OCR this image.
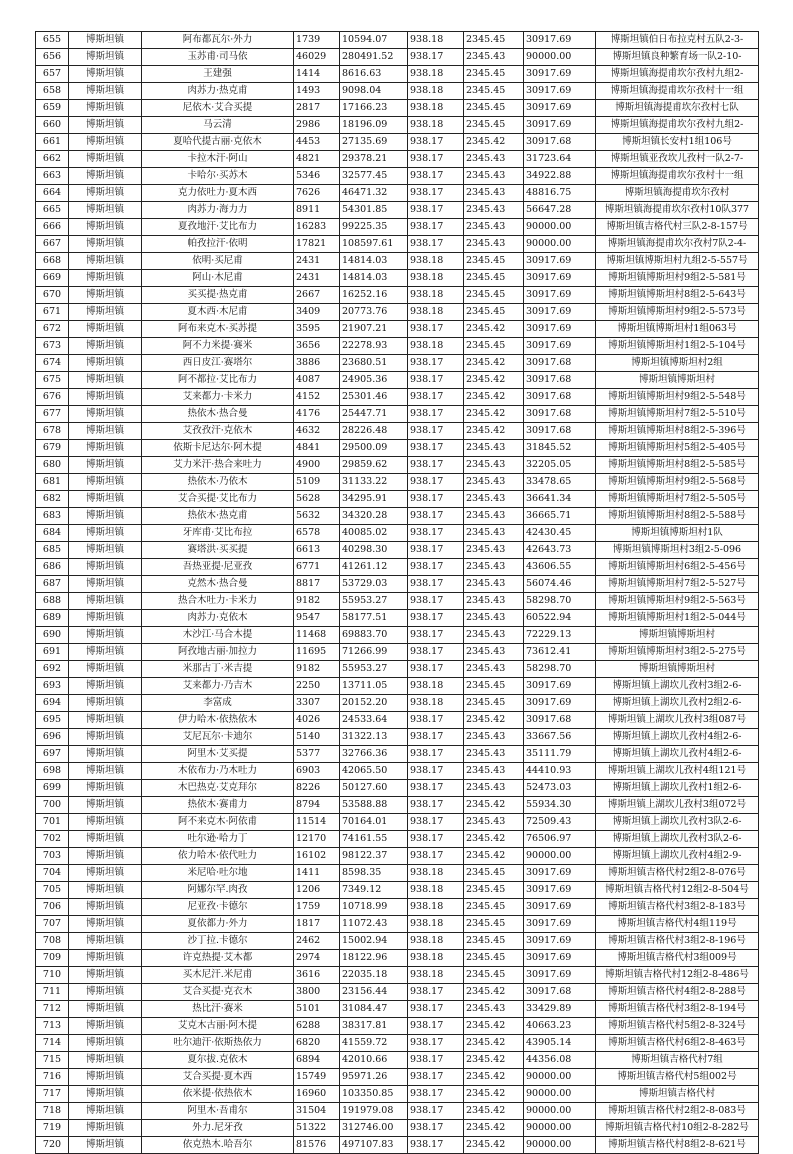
655	博斯坦镇	阿布都瓦尔·外力	1739	10594.07	938.18	2345.45	30917.69	博斯坦镇伯日布拉克村五队2-3-
656	博斯坦镇	玉苏甫·司马依	46029	280491.52	938.17	2345.43	90000.00	博斯坦镇良种繁育场一队2-10-
657	博斯坦镇	王建强	1414	8616.63	938.18	2345.45	30917.69	博斯坦镇海提甫坎尔孜村九组2-
658	博斯坦镇	肉苏力·热克甫	1493	9098.04	938.18	2345.45	30917.69	博斯坦镇海提甫坎尔孜村十一组
659	博斯坦镇	尼依木·艾合买提	2817	17166.23	938.18	2345.45	30917.69	博斯坦镇海提甫坎尔孜村七队
660	博斯坦镇	马云清	2986	18196.09	938.18	2345.45	30917.69	博斯坦镇海提甫坎尔孜村九组2-
661	博斯坦镇	夏哈代提古丽·克依木	4453	27135.69	938.17	2345.42	30917.68	博斯坦镇长安村1组106号
662	博斯坦镇	卡拉木汗·阿山	4821	29378.21	938.17	2345.43	31723.64	博斯坦镇亚孜坎儿孜村一队2-7-
663	博斯坦镇	卡哈尔·买苏木	5346	32577.45	938.17	2345.43	34922.88	博斯坦镇海提甫坎尔孜村十一组
664	博斯坦镇	克力依吐力·夏木西	7626	46471.32	938.17	2345.43	48816.75	博斯坦镇海提甫坎尔孜村
665	博斯坦镇	肉苏力·海力力	8911	54301.85	938.17	2345.43	56647.28	博斯坦镇海提甫坎尔孜村10队377
666	博斯坦镇	夏孜地汗·艾比布力	16283	99225.35	938.17	2345.43	90000.00	博斯坦镇吉格代村三队2-8-157号
667	博斯坦镇	帕孜拉汗·依明	17821	108597.61	938.17	2345.43	90000.00	博斯坦镇海提甫坎尔孜村7队2-4-
668	博斯坦镇	依明·买尼甫	2431	14814.03	938.18	2345.45	30917.69	博斯坦镇博斯坦村九组2-5-557号
669	博斯坦镇	阿山·木尼甫	2431	14814.03	938.18	2345.45	30917.69	博斯坦镇博斯坦村9组2-5-581号
670	博斯坦镇	买买提·热克甫	2667	16252.16	938.18	2345.45	30917.69	博斯坦镇博斯坦村8组2-5-643号
671	博斯坦镇	夏木西·木尼甫	3409	20773.76	938.18	2345.45	30917.69	博斯坦镇博斯坦村9组2-5-573号
672	博斯坦镇	阿布来克木·买苏提	3595	21907.21	938.17	2345.42	30917.69	博斯坦镇博斯坦村1组063号
673	博斯坦镇	阿不力米提·赛米	3656	22278.93	938.18	2345.45	30917.69	博斯坦镇博斯坦村1组2-5-104号
674	博斯坦镇	西日皮江·赛塔尔	3886	23680.51	938.17	2345.42	30917.68	博斯坦镇博斯坦村2组
675	博斯坦镇	阿不都拉·艾比布力	4087	24905.36	938.17	2345.42	30917.68	博斯坦镇博斯坦村
676	博斯坦镇	艾来都力·卡米力	4152	25301.46	938.17	2345.42	30917.68	博斯坦镇博斯坦村9组2-5-548号
677	博斯坦镇	热依木·热合曼	4176	25447.71	938.17	2345.42	30917.68	博斯坦镇博斯坦村7组2-5-510号
678	博斯坦镇	艾孜孜汗·克依木	4632	28226.48	938.17	2345.42	30917.68	博斯坦镇博斯坦村8组2-5-396号
679	博斯坦镇	依斯卡尼达尔·阿木提	4841	29500.09	938.17	2345.43	31845.52	博斯坦镇博斯坦村5组2-5-405号
680	博斯坦镇	艾力米汗·热合来吐力	4900	29859.62	938.17	2345.43	32205.05	博斯坦镇博斯坦村8组2-5-585号
681	博斯坦镇	热依木·乃依木	5109	31133.22	938.17	2345.43	33478.65	博斯坦镇博斯坦村9组2-5-568号
682	博斯坦镇	艾合买提·艾比布力	5628	34295.91	938.17	2345.43	36641.34	博斯坦镇博斯坦村7组2-5-505号
683	博斯坦镇	热依木·热克甫	5632	34320.28	938.17	2345.43	36665.71	博斯坦镇博斯坦村8组2-5-588号
684	博斯坦镇	牙库甫·艾比布拉	6578	40085.02	938.17	2345.43	42430.45	博斯坦镇博斯坦村1队
685	博斯坦镇	赛塔洪·买买提	6613	40298.30	938.17	2345.43	42643.73	博斯坦镇博斯坦村3组2-5-096
686	博斯坦镇	吾热亚提·尼亚孜	6771	41261.12	938.17	2345.43	43606.55	博斯坦镇博斯坦村6组2-5-456号
687	博斯坦镇	克然木·热合曼	8817	53729.03	938.17	2345.43	56074.46	博斯坦镇博斯坦村7组2-5-527号
688	博斯坦镇	热合木吐力·卡米力	9182	55953.27	938.17	2345.43	58298.70	博斯坦镇博斯坦村9组2-5-563号
689	博斯坦镇	肉苏力·克依木	9547	58177.51	938.17	2345.43	60522.94	博斯坦镇博斯坦村1组2-5-044号
690	博斯坦镇	木沙江·马合木提	11468	69883.70	938.17	2345.43	72229.13	博斯坦镇博斯坦村
691	博斯坦镇	阿孜地古丽·加拉力	11695	71266.99	938.17	2345.43	73612.41	博斯坦镇博斯坦村3组2-5-275号
692	博斯坦镇	米那古丁·米吉提	9182	55953.27	938.17	2345.43	58298.70	博斯坦镇博斯坦村
693	博斯坦镇	艾来都力·乃吉木	2250	13711.05	938.18	2345.45	30917.69	博斯坦镇上湖坎儿孜村3组2-6-
694	博斯坦镇	李富成	3307	20152.20	938.18	2345.45	30917.69	博斯坦镇上湖坎儿孜村2组2-6-
695	博斯坦镇	伊力哈木·依热依木	4026	24533.64	938.17	2345.42	30917.68	博斯坦镇上湖坎儿孜村3组087号
696	博斯坦镇	艾尼瓦尔·卡迪尔	5140	31322.13	938.17	2345.43	33667.56	博斯坦镇上湖坎儿孜村4组2-6-
697	博斯坦镇	阿里木·艾买提	5377	32766.36	938.17	2345.43	35111.79	博斯坦镇上湖坎儿孜村4组2-6-
698	博斯坦镇	木依布力·乃木吐力	6903	42065.50	938.17	2345.43	44410.93	博斯坦镇上湖坎儿孜村4组121号
699	博斯坦镇	木巴热克·艾克拜尔	8226	50127.60	938.17	2345.43	52473.03	博斯坦镇上湖坎儿孜村1组2-6-
700	博斯坦镇	热依木·赛甫力	8794	53588.88	938.17	2345.42	55934.30	博斯坦镇上湖坎儿孜村3组072号
701	博斯坦镇	阿不来克木·阿依甫	11514	70164.01	938.17	2345.43	72509.43	博斯坦镇上湖坎儿孜村3队2-6-
702	博斯坦镇	吐尔逊·哈力丁	12170	74161.55	938.17	2345.42	76506.97	博斯坦镇上湖坎儿孜村3队2-6-
703	博斯坦镇	依力哈木·依代吐力	16102	98122.37	938.17	2345.42	90000.00	博斯坦镇上湖坎儿孜村4组2-9-
704	博斯坦镇	米尼哈·吐尔地	1411	8598.35	938.18	2345.45	30917.69	博斯坦镇吉格代村2组2-8-076号
705	博斯坦镇	阿娜尔罕.肉孜	1206	7349.12	938.18	2345.45	30917.69	博斯坦镇吉格代村12组2-8-504号
706	博斯坦镇	尼亚孜·卡德尔	1759	10718.99	938.18	2345.45	30917.69	博斯坦镇吉格代村3组2-8-183号
707	博斯坦镇	夏依都力·外力	1817	11072.43	938.18	2345.45	30917.69	博斯坦镇吉格代村4组119号
708	博斯坦镇	沙丁拉.卡德尔	2462	15002.94	938.18	2345.45	30917.69	博斯坦镇吉格代村3组2-8-196号
709	博斯坦镇	许克热提·艾木都	2974	18122.96	938.18	2345.45	30917.69	博斯坦镇吉格代村3组009号
710	博斯坦镇	买木尼汗.米尼甫	3616	22035.18	938.18	2345.45	30917.69	博斯坦镇吉格代村12组2-8-486号
711	博斯坦镇	艾合买提·克衣木	3800	23156.44	938.17	2345.42	30917.68	博斯坦镇吉格代村4组2-8-288号
712	博斯坦镇	热比汗·赛米	5101	31084.47	938.17	2345.43	33429.89	博斯坦镇吉格代村3组2-8-194号
713	博斯坦镇	艾克木古丽·阿木提	6288	38317.81	938.17	2345.42	40663.23	博斯坦镇吉格代村5组2-8-324号
714	博斯坦镇	吐尔迪汗·依斯热依力	6820	41559.72	938.17	2345.42	43905.14	博斯坦镇吉格代村6组2-8-463号
715	博斯坦镇	夏尔拔.克依木	6894	42010.66	938.17	2345.42	44356.08	博斯坦镇吉格代村7组
716	博斯坦镇	艾合买提·夏木西	15749	95971.26	938.17	2345.42	90000.00	博斯坦镇吉格代村5组002号
717	博斯坦镇	依米提·依热依木	16960	103350.85	938.17	2345.42	90000.00	博斯坦镇吉格代村
718	博斯坦镇	阿里木·吾甫尔	31504	191979.08	938.17	2345.42	90000.00	博斯坦镇吉格代村2组2-8-083号
719	博斯坦镇	外力.尼牙孜	51322	312746.00	938.17	2345.42	90000.00	博斯坦镇吉格代村10组2-8-282号
720	博斯坦镇	依克热木.哈吾尔	81576	497107.83	938.17	2345.42	90000.00	博斯坦镇吉格代村8组2-8-621号
